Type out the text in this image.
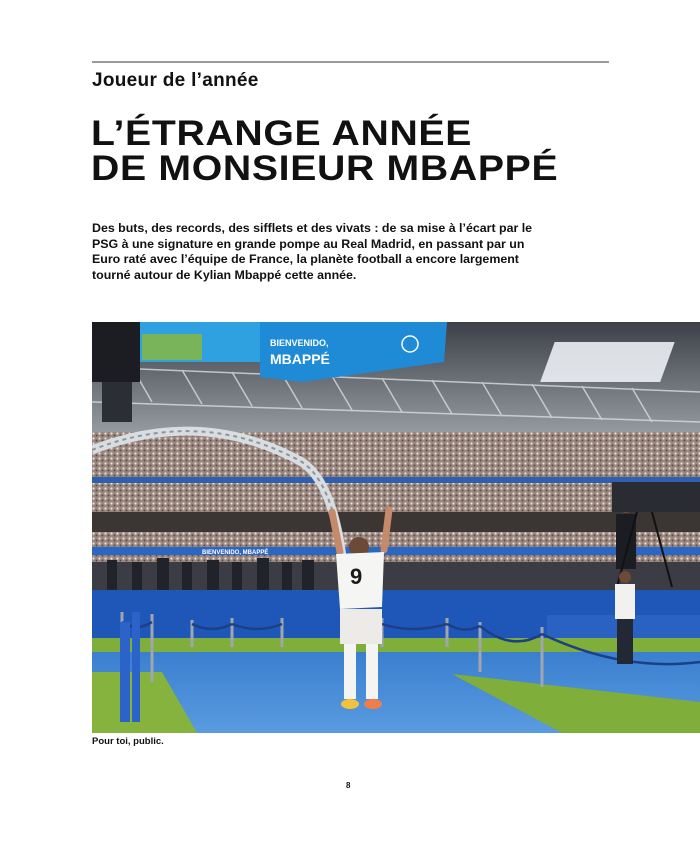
Joueur de l’année
L’ÉTRANGE ANNÉE
DE MONSIEUR MBAPPÉ

Des buts, des records, des sifflets et des vivats : de sa mise à l’écart par le PSG à une signature en grande pompe au Real Madrid, en passant par un Euro raté avec l’équipe de France, la planète football a encore largement tourné autour de Kylian Mbappé cette année.

BIENVENIDO,
MBAPPÉ
BIENVENIDO, MBAPPÉ
9
Pour toi, public.
8
